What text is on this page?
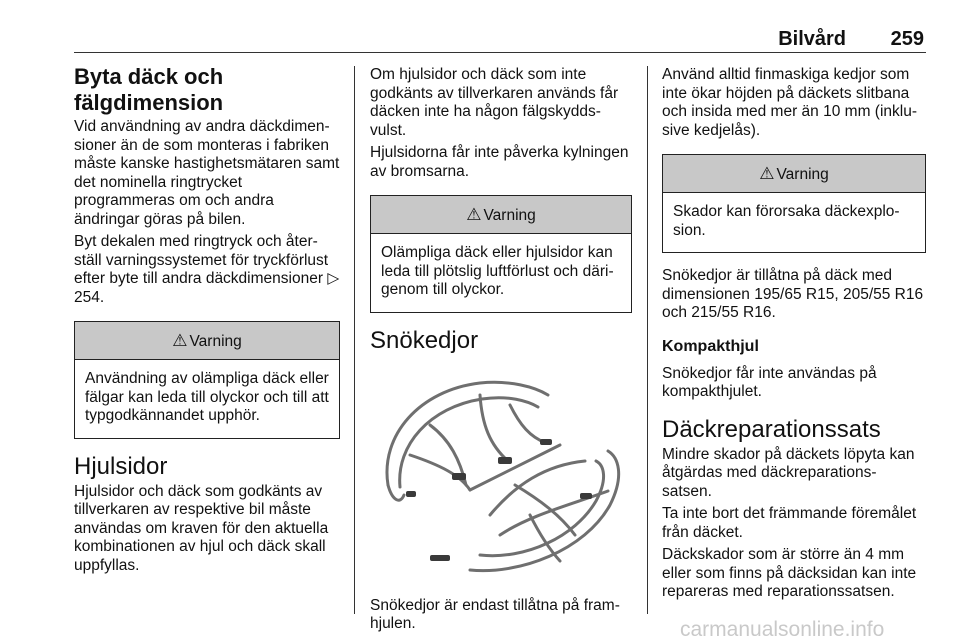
Bilvård 259
Byta däck och fälgdimension

Vid användning av andra däckdimen-sioner än de som monteras i fabriken måste kanske hastighetsmätaren samt det nominella ringtrycket programmeras om och andra ändringar göras på bilen.

Byt dekalen med ringtryck och åter-ställ varningssystemet för tryckförlust efter byte till andra däckdimensioner ▷ 254.

⚠ Varning
Användning av olämpliga däck eller fälgar kan leda till olyckor och till att typgodkännandet upphör.
Hjulsidor

Hjulsidor och däck som godkänts av tillverkaren av respektive bil måste användas om kraven för den aktuella kombinationen av hjul och däck skall uppfyllas.

Om hjulsidor och däck som inte godkänts av tillverkaren används får däcken inte ha någon fälgskydds-vulst.

Hjulsidorna får inte påverka kylningen av bromsarna.

⚠ Varning
Olämpliga däck eller hjulsidor kan leda till plötslig luftförlust och däri-genom till olyckor.
Snökedjor

Snökedjor är endast tillåtna på fram-hjulen.

Använd alltid finmaskiga kedjor som inte ökar höjden på däckets slitbana och insida med mer än 10 mm (inklu-sive kedjelås).

⚠ Varning
Skador kan förorsaka däckexplo-sion.

Snökedjor är tillåtna på däck med dimensionen 195/65 R15, 205/55 R16 och 215/55 R16.

Kompakthjul

Snökedjor får inte användas på kompakthjulet.

Däckreparationssats

Mindre skador på däckets löpyta kan åtgärdas med däckreparations-satsen.

Ta inte bort det främmande föremålet från däcket.

Däckskador som är större än 4 mm eller som finns på däcksidan kan inte repareras med reparationssatsen.

carmanualsonline.info
